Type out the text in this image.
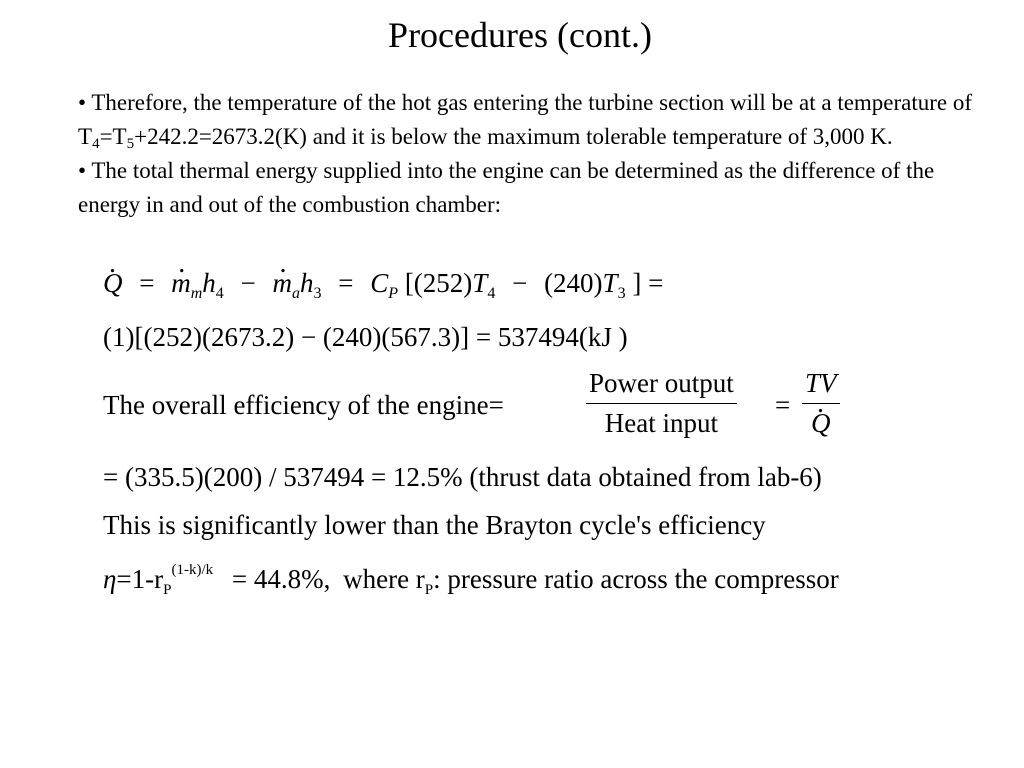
Procedures (cont.)

• Therefore, the temperature of the hot gas entering the turbine section will be at a temperature of $T_4=T_5+242.2=2673.2(K)$ and it is below the maximum tolerable temperature of 3,000 K.

• The total thermal energy supplied into the engine can be determined as the difference of the energy in and out of the combustion chamber:

. Q = . $m_mh_4$ − . $m_ah_3 = C_P$ [$(252)T_4 - (240)T_3$ ] =
(1)[(252)(2673.2) − (240)(567.3)] = 537494(kJ )
The overall efficiency of the engine=
Power output
Heat input
= TV
. Q
= (335.5)(200) / 537494 = 12.5% (thrust data obtained from lab-6)
This is significantly lower than the Brayton cycle's efficiency
$\eta=1-r_P^{(1-k)/k} = 44.8\%$, where $r_P$: pressure ratio across the compressor
